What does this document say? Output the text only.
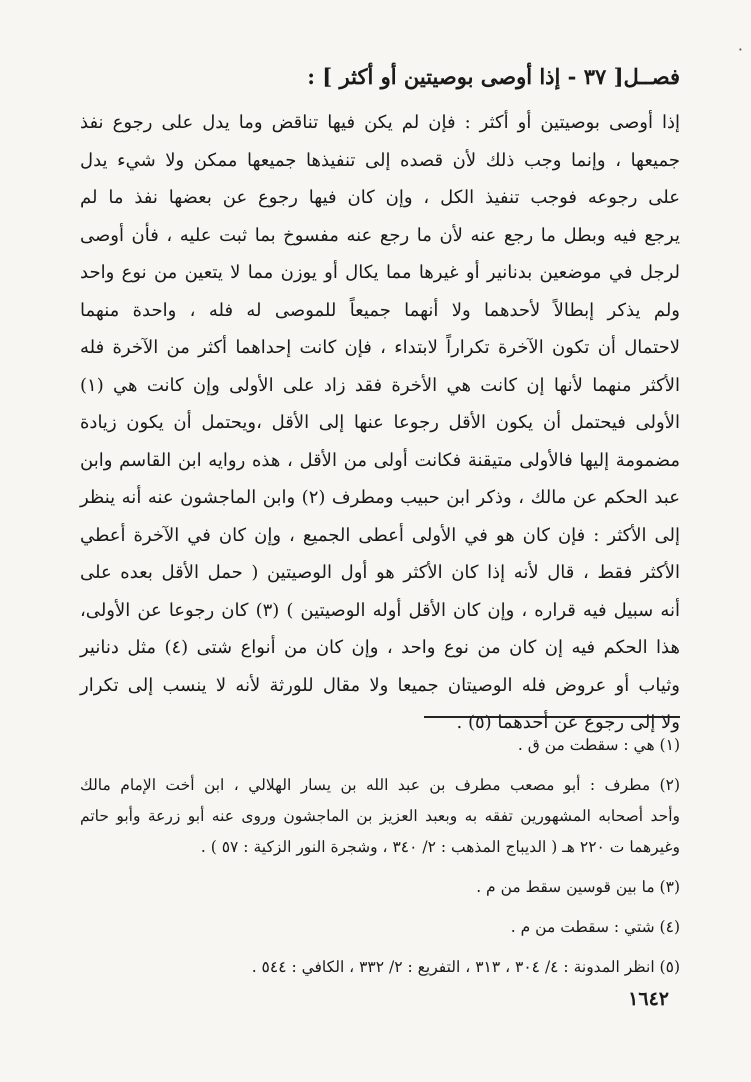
·
فصــل[ ٣٧ - إذا أوصى بوصيتين أو أكثر ] :
إذا أوصى بوصيتين أو أكثر : فإن لم يكن فيها تناقض وما يدل على رجوع نفذ
جميعها ، وإنما وجب ذلك لأن قصده إلى تنفيذها جميعها ممكن ولا شيء يدل
على رجوعه فوجب تنفيذ الكل ، وإن كان فيها رجوع عن بعضها نفذ ما لم
يرجع فيه وبطل ما رجع عنه لأن ما رجع عنه مفسوخ بما ثبت عليه ، فأن أوصى
لرجل في موضعين بدنانير أو غيرها مما يكال أو يوزن مما لا يتعين من نوع واحد
ولم يذكر إبطالاً لأحدهما ولا أنهما جميعاً للموصى له فله ، واحدة منهما
لاحتمال أن تكون الآخرة تكراراً لابتداء ، فإن كانت إحداهما أكثر من الآخرة فله
الأكثر منهما لأنها إن كانت هي الأخرة فقد زاد على الأولى وإن كانت هي (١)
الأولى فيحتمل أن يكون الأقل رجوعا عنها إلى الأقل ،ويحتمل أن يكون زيادة
مضمومة إليها فالأولى متيقنة فكانت أولى من الأقل ، هذه روايه ابن القاسم وابن
عبد الحكم عن مالك ، وذكر ابن حبيب ومطرف (٢) وابن الماجشون عنه أنه ينظر
إلى الأكثر : فإن كان هو في الأولى أعطى الجميع ، وإن كان في الآخرة أعطي
الأكثر فقط ، قال لأنه إذا كان الأكثر هو أول الوصيتين ( حمل الأقل بعده على
أنه سبيل فيه قراره ، وإن كان الأقل أوله الوصيتين ) (٣) كان رجوعا عن الأولى،
هذا الحكم فيه إن كان من نوع واحد ، وإن كان من أنواع شتى (٤) مثل دنانير
وثياب أو عروض فله الوصيتان جميعا ولا مقال للورثة لأنه لا ينسب إلى تكرار
ولا إلى رجوع عن أحدهما (٥) .
(١) هي : سقطت من ق .
(٢) مطرف : أبو مصعب مطرف بن عبد الله بن يسار الهلالي ، ابن أخت الإمام مالك
وأحد أصحابه المشهورين تفقه به وبعبد العزيز بن الماجشون وروى عنه أبو زرعة وأبو حاتم
وغيرهما ت ٢٢٠ هـ ( الديباج المذهب : ٢/ ٣٤٠ ، وشجرة النور الزكية : ٥٧ ) .
(٣) ما بين قوسين سقط من م .
(٤) شتي : سقطت من م .
(٥) انظر المدونة : ٤/ ٣٠٤ ، ٣١٣ ، التفريع : ٢/ ٣٣٢ ، الكافي : ٥٤٤ .
١٦٤٢
